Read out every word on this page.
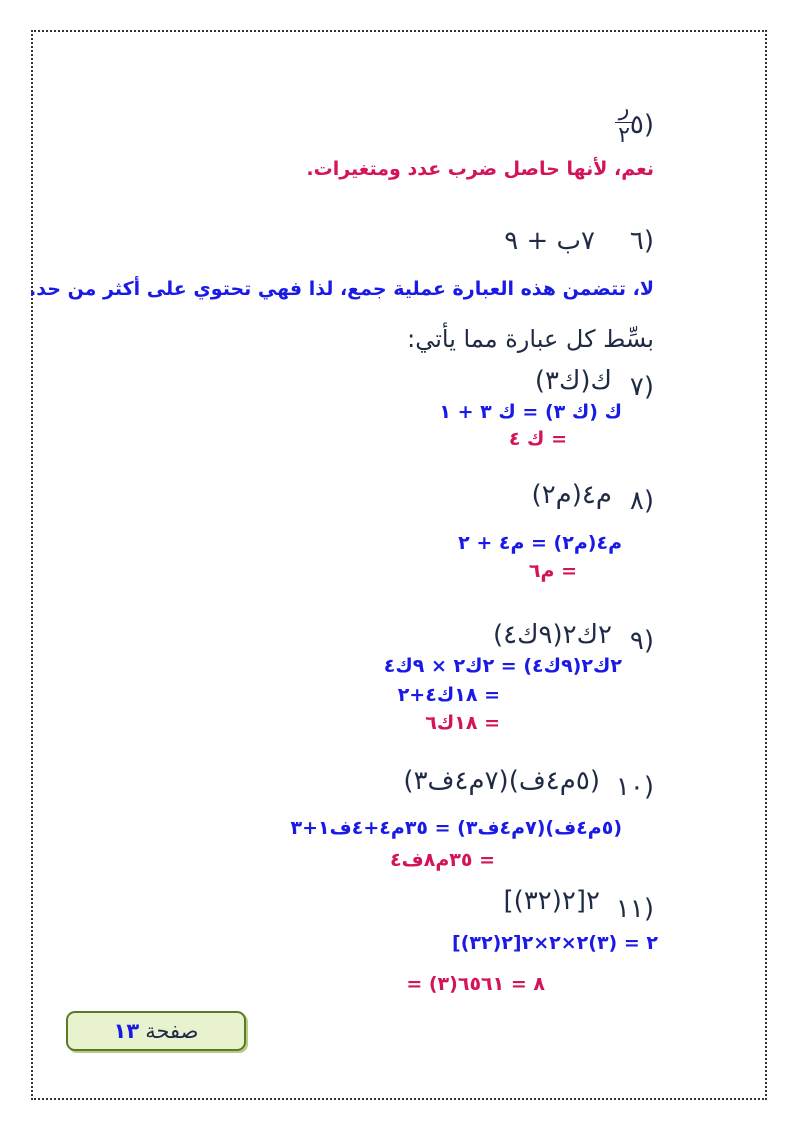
٥)
ر
٢
نعم، لأنها حاصل ضرب عدد ومتغيرات.
٦)
٧ب + ٩
لا، تتضمن هذه العبارة عملية جمع، لذا فهي تحتوي على أكثر من حد.
بسِّط كل عبارة مما يأتي:
٧)
ك(ك٣)
ك (ك ٣) = ك ٣ + ١
= ك ٤
٨)
م٤(م٢)
م٤(م٢) = م٤ + ٢
= م٦
٩)
٢ك٢(٩ك٤)
٢ك٢(٩ك٤) = ٢ك٢ × ٩ك٤
= ١٨ك٤+٢
= ١٨ك٦
١٠)
(٥م٤ف)(٧م٤ف٣)
(٥م٤ف)(٧م٤ف٣) = ٣٥م٤+٤ف١+٣
= ٣٥م٨ف٤
١١)
[(٣٢)٢]٢
[(٣٢)٢]٢ = (٣)٢×٢×٢
= (٣)٨ = ٦٥٦١
صفحة
١٣
